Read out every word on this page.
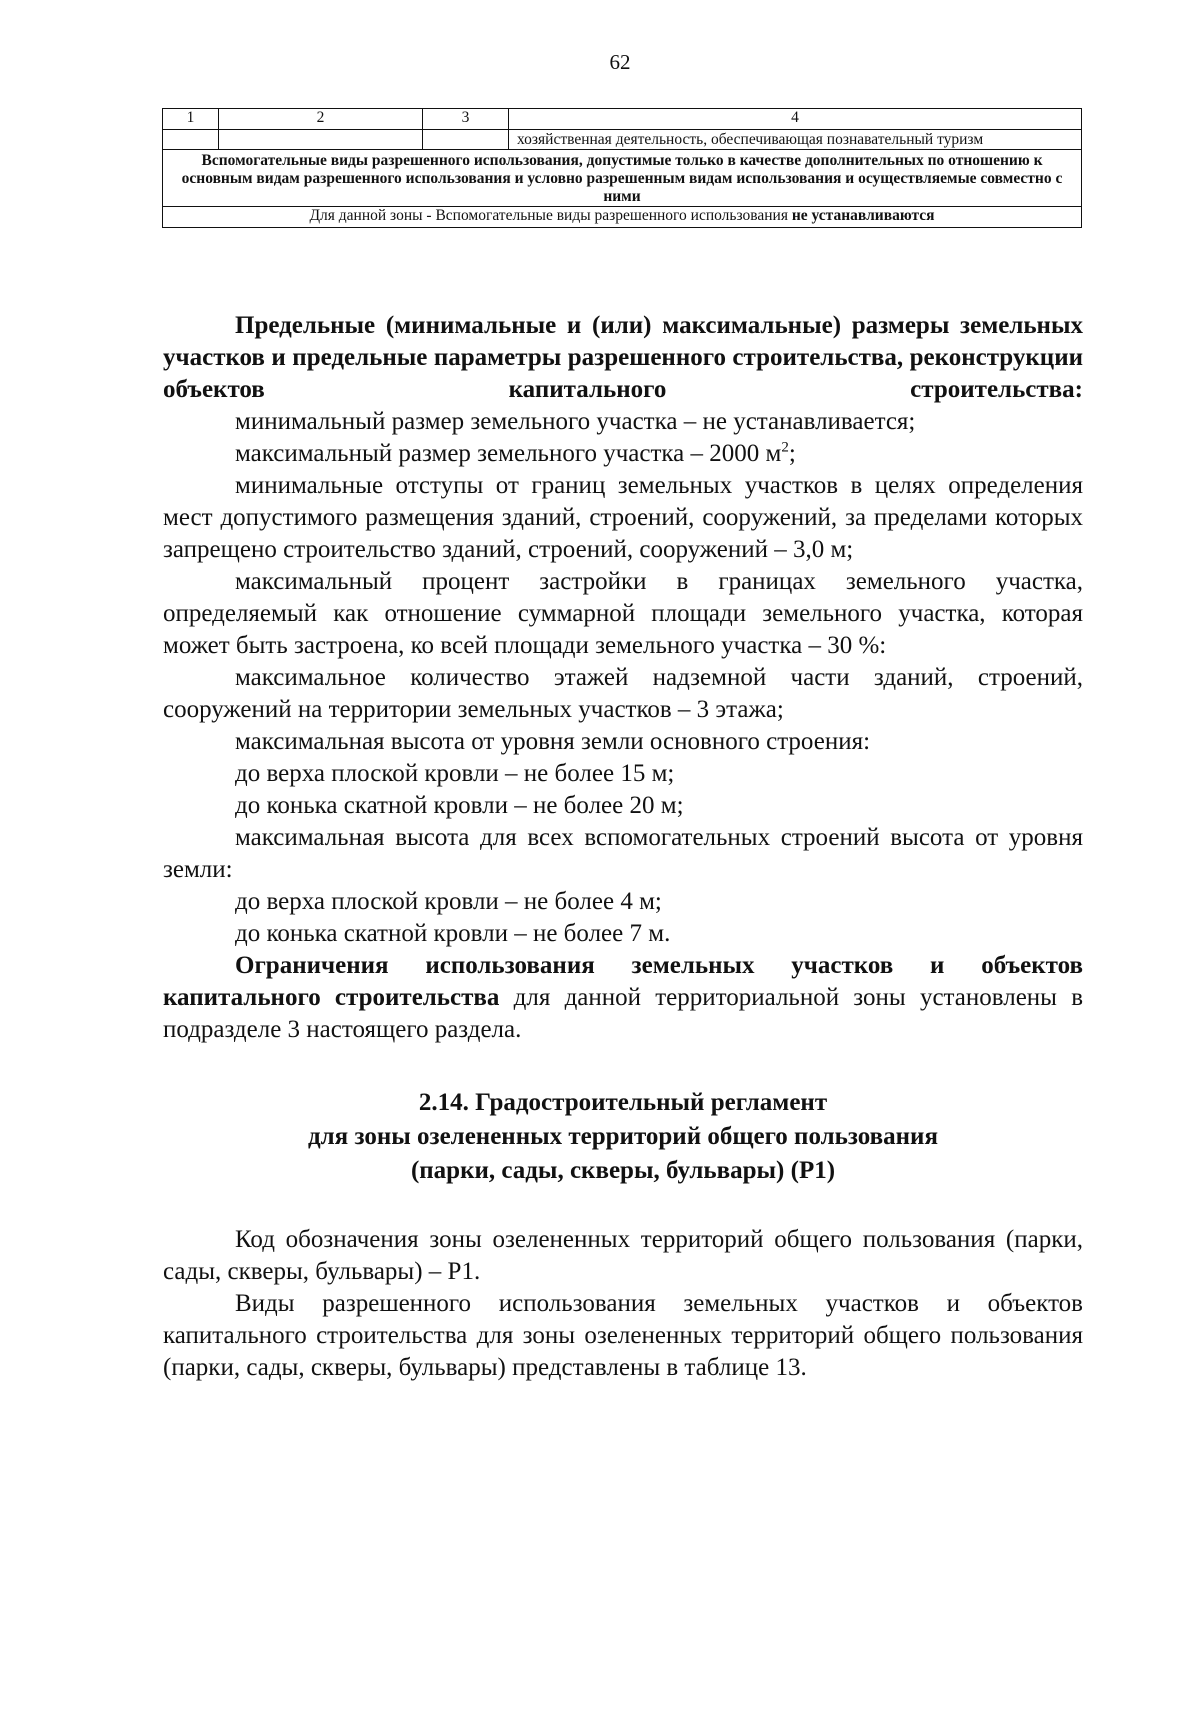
62
1	2	3	4
			хозяйственная деятельность, обеспечивающая познавательный туризм
Вспомогательные виды разрешенного использования, допустимые только в качестве дополнительных по отношению к основным видам разрешенного использования и условно разрешенным видам использования и осуществляемые совместно с ними			
Для данной зоны - Вспомогательные виды разрешенного использования не устанавливаются			

Предельные (минимальные и (или) максимальные) размеры земельных участков и предельные параметры разрешенного строительства, реконструкции объектов капитального строительства:

минимальный размер земельного участка – не устанавливается;

максимальный размер земельного участка – 2000 $м^2$;

минимальные отступы от границ земельных участков в целях определения мест допустимого размещения зданий, строений, сооружений, за пределами которых запрещено строительство зданий, строений, сооружений – 3,0 м;

максимальный процент застройки в границах земельного участка, определяемый как отношение суммарной площади земельного участка, которая может быть застроена, ко всей площади земельного участка – 30 %:

максимальное количество этажей надземной части зданий, строений, сооружений на территории земельных участков – 3 этажа;

максимальная высота от уровня земли основного строения:

до верха плоской кровли – не более 15 м;

до конька скатной кровли – не более 20 м;

максимальная высота для всех вспомогательных строений высота от уровня земли:

до верха плоской кровли – не более 4 м;

до конька скатной кровли – не более 7 м.

Ограничения использования земельных участков и объектов капитального строительства для данной территориальной зоны установлены в подразделе 3 настоящего раздела.

2.14. Градостроительный регламент
для зоны озелененных территорий общего пользования
(парки, сады, скверы, бульвары) (Р1)

Код обозначения зоны озелененных территорий общего пользования (парки, сады, скверы, бульвары) – Р1.

Виды разрешенного использования земельных участков и объектов капитального строительства для зоны озелененных территорий общего пользования (парки, сады, скверы, бульвары) представлены в таблице 13.
